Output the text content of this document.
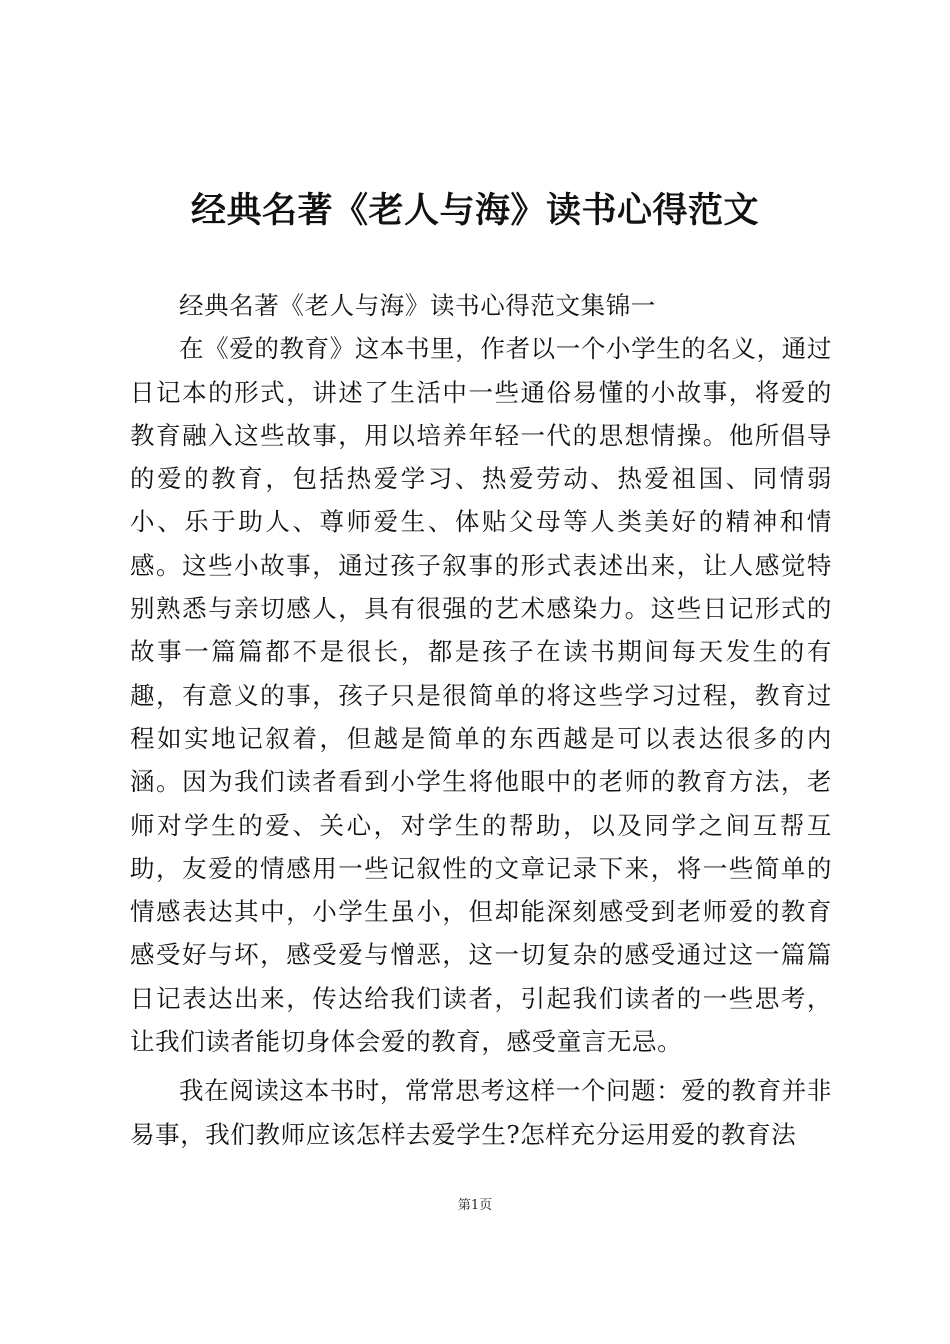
经典名著《老人与海》读书心得范文

经典名著《老人与海》读书心得范文集锦一

在《爱的教育》这本书里，作者以一个小学生的名义，通过日记本的形式，讲述了生活中一些通俗易懂的小故事，将爱的教育融入这些故事，用以培养年轻一代的思想情操。他所倡导的爱的教育，包括热爱学习、热爱劳动、热爱祖国、同情弱小、乐于助人、尊师爱生、体贴父母等人类美好的精神和情感。这些小故事，通过孩子叙事的形式表述出来，让人感觉特别熟悉与亲切感人，具有很强的艺术感染力。这些日记形式的故事一篇篇都不是很长，都是孩子在读书期间每天发生的有趣，有意义的事，孩子只是很简单的将这些学习过程，教育过程如实地记叙着，但越是简单的东西越是可以表达很多的内涵。因为我们读者看到小学生将他眼中的老师的教育方法，老师对学生的爱、关心，对学生的帮助，以及同学之间互帮互助，友爱的情感用一些记叙性的文章记录下来，将一些简单的情感表达其中，小学生虽小，但却能深刻感受到老师爱的教育感受好与坏，感受爱与憎恶，这一切复杂的感受通过这一篇篇日记表达出来，传达给我们读者，引起我们读者的一些思考，让我们读者能切身体会爱的教育，感受童言无忌。

我在阅读这本书时，常常思考这样一个问题：爱的教育并非易事，我们教师应该怎样去爱学生?怎样充分运用爱的教育法

第1页
